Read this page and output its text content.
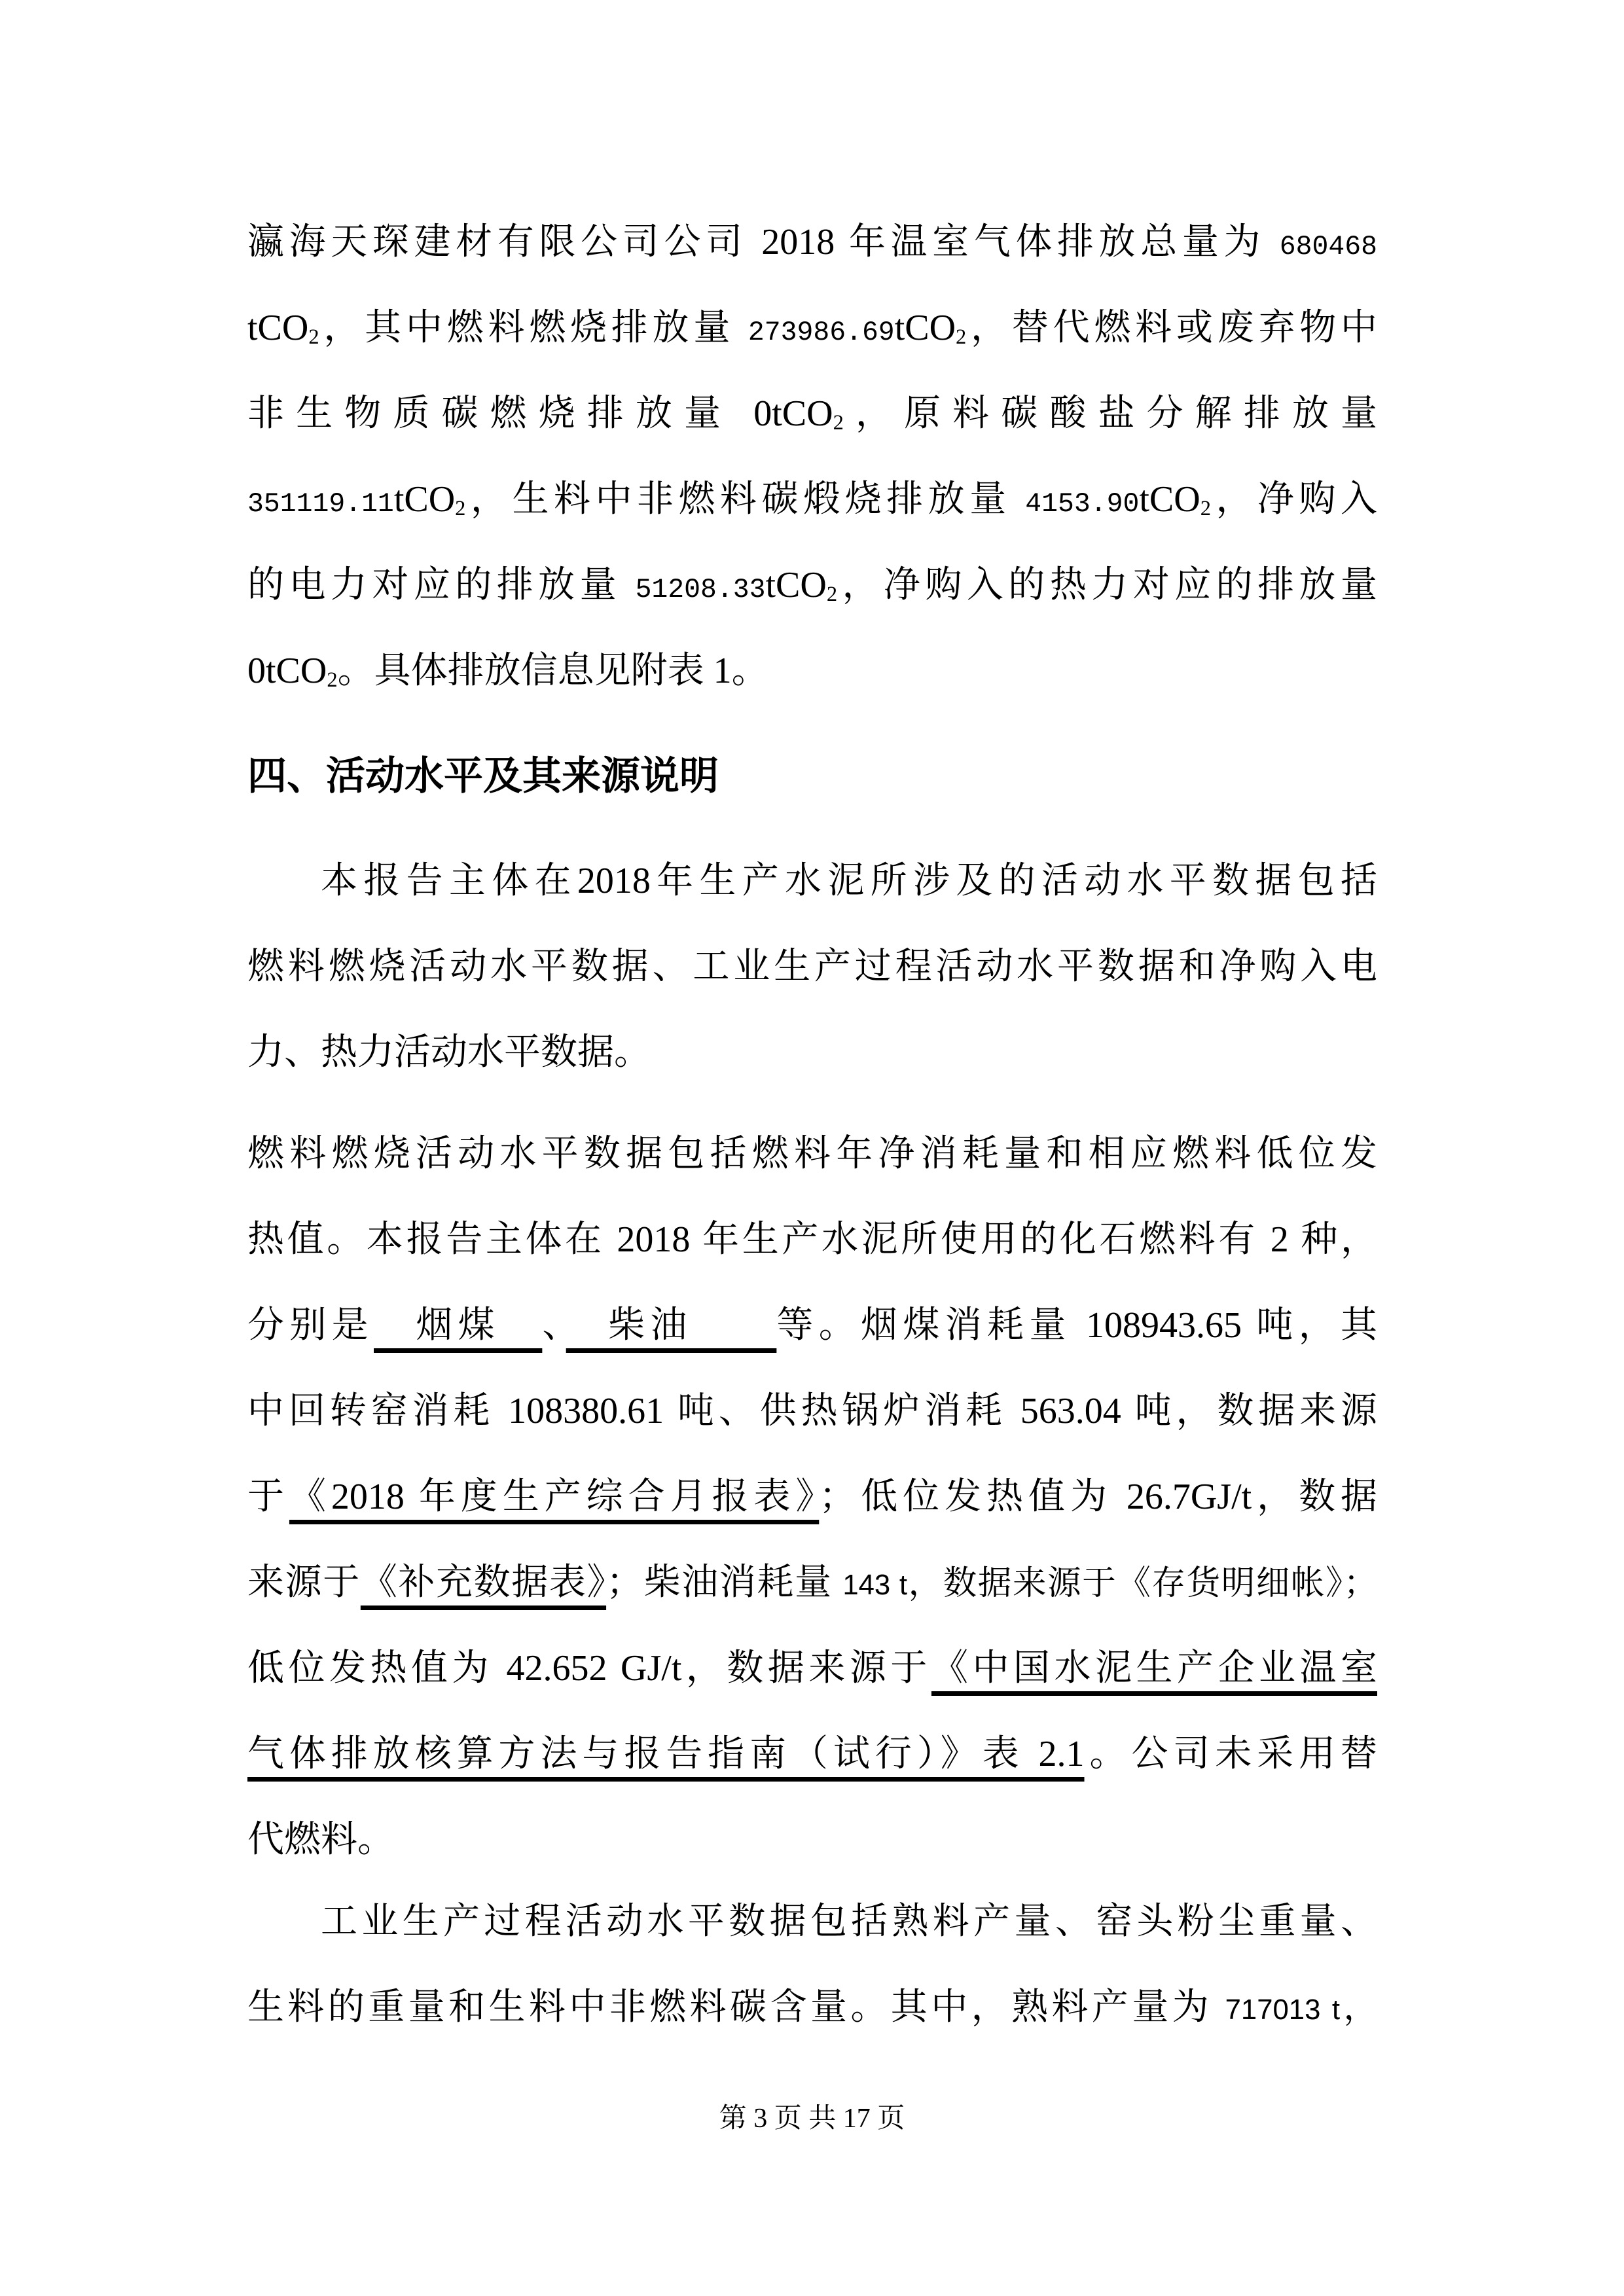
瀛海天琛建材有限公司公司 2018 年温室气体排放总量为 680468
tCO2，其中燃料燃烧排放量 273986.69tCO2，替代燃料或废弃物中
非生物质碳燃烧排放量 0tCO2，原料碳酸盐分解排放量
351119.11tCO2，生料中非燃料碳煅烧排放量 4153.90tCO2，净购入
的电力对应的排放量 51208.33tCO2，净购入的热力对应的排放量
0tCO2。具体排放信息见附表 1。
四、活动水平及其来源说明
本报告主体在2018年生产水泥所涉及的活动水平数据包括
燃料燃烧活动水平数据、工业生产过程活动水平数据和净购入电
力、热力活动水平数据。
燃料燃烧活动水平数据包括燃料年净消耗量和相应燃料低位发
热值。本报告主体在 2018 年生产水泥所使用的化石燃料有 2 种，
分别是　烟煤　、　柴油　　等。烟煤消耗量 108943.65 吨，其
中回转窑消耗 108380.61 吨、供热锅炉消耗 563.04 吨，数据来源
于《2018 年度生产综合月报表》；低位发热值为 26.7GJ/t，数据
来源于《补充数据表》；柴油消耗量 143 t，数据来源于《存货明细帐》；
低位发热值为 42.652 GJ/t，数据来源于《中国水泥生产企业温室
气体排放核算方法与报告指南（试行）》表 2.1。公司未采用替
代燃料。
工业生产过程活动水平数据包括熟料产量、窑头粉尘重量、
生料的重量和生料中非燃料碳含量。其中，熟料产量为 717013 t，
第 3 页 共 17 页
